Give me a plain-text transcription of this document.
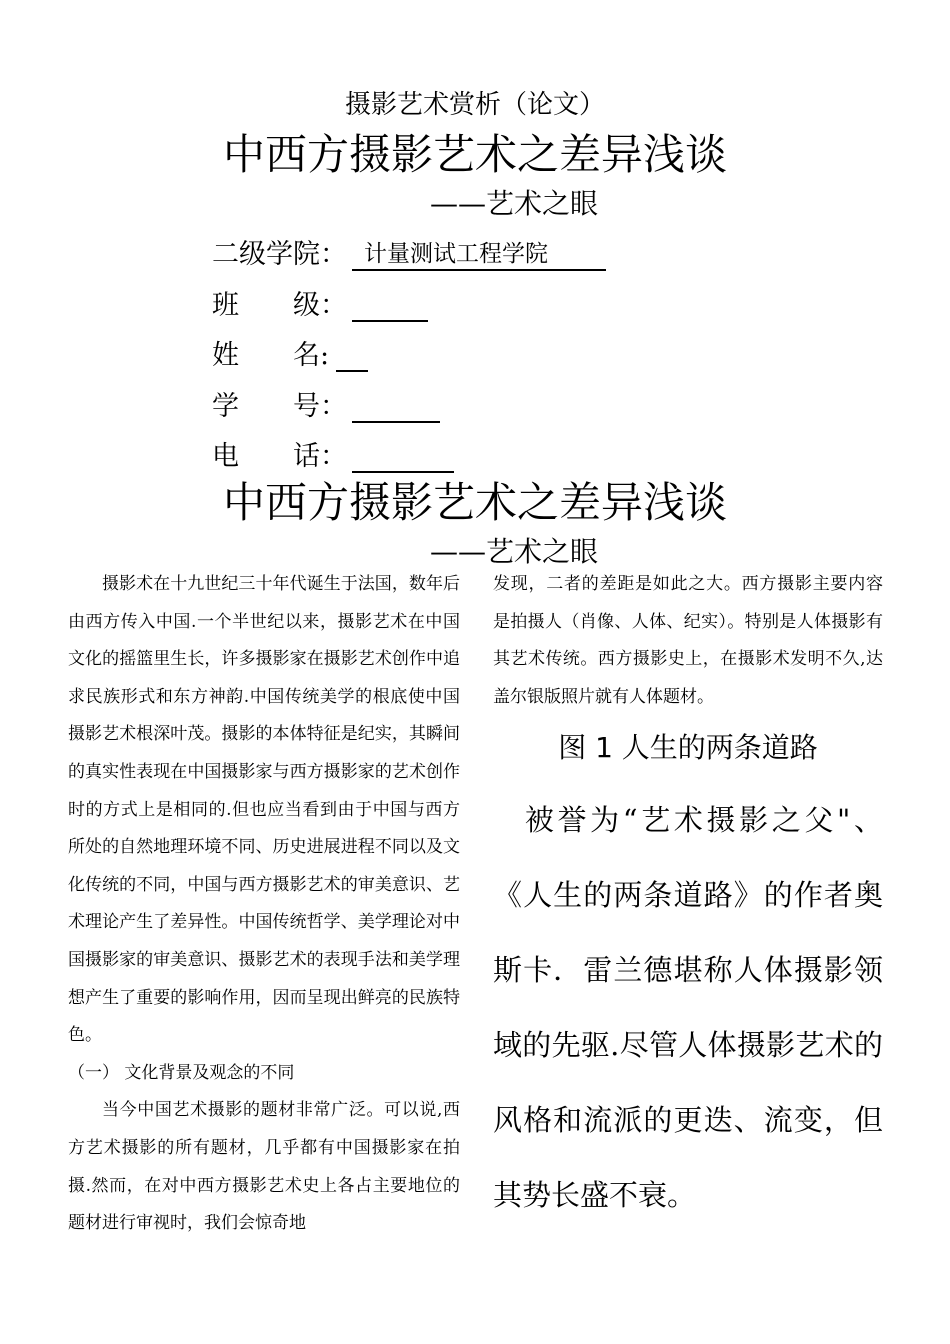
摄影艺术赏析（论文）
中西方摄影艺术之差异浅谈
——艺术之眼
二级学院： 计量测试工程学院
班　　级：
姓　　名:
学　　号：
电　　话：
中西方摄影艺术之差异浅谈
——艺术之眼

摄影术在十九世纪三十年代诞生于法国，数年后由西方传入中国.一个半世纪以来，摄影艺术在中国文化的摇篮里生长，许多摄影家在摄影艺术创作中追求民族形式和东方神韵.中国传统美学的根底使中国摄影艺术根深叶茂。摄影的本体特征是纪实，其瞬间的真实性表现在中国摄影家与西方摄影家的艺术创作时的方式上是相同的.但也应当看到由于中国与西方所处的自然地理环境不同、历史进展进程不同以及文化传统的不同，中国与西方摄影艺术的审美意识、艺术理论产生了差异性。中国传统哲学、美学理论对中国摄影家的审美意识、摄影艺术的表现手法和美学理想产生了重要的影响作用，因而呈现出鲜亮的民族特色。

（一） 文化背景及观念的不同

当今中国艺术摄影的题材非常广泛。可以说,西方艺术摄影的所有题材，几乎都有中国摄影家在拍摄.然而，在对中西方摄影艺术史上各占主要地位的题材进行审视时，我们会惊奇地

发现，二者的差距是如此之大。西方摄影主要内容是拍摄人（肖像、人体、纪实）。特别是人体摄影有其艺术传统。西方摄影史上，在摄影术发明不久,达盖尔银版照片就有人体题材。

图 1 人生的两条道路

被誉为“艺术摄影之父"、《人生的两条道路》的作者奥斯卡．雷兰德堪称人体摄影领域的先驱.尽管人体摄影艺术的风格和流派的更迭、流变，但其势长盛不衰。
